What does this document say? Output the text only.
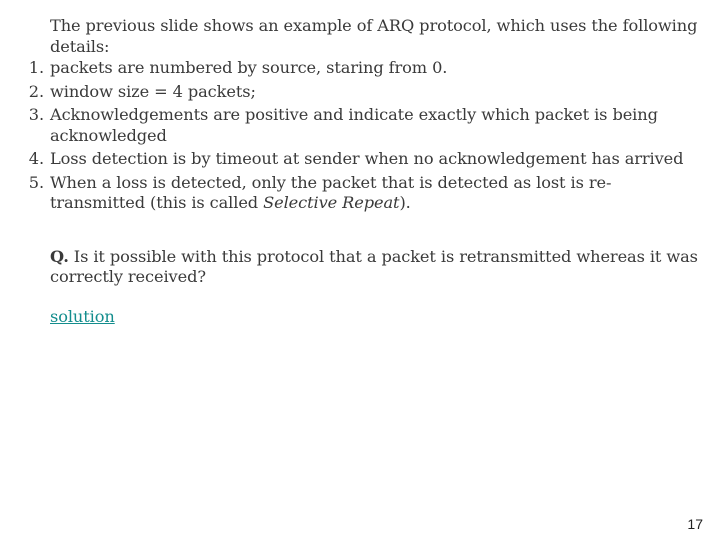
The previous slide shows an example of ARQ protocol, which uses the following details:

1. packets are numbered by source, staring from 0.
2. window size = 4 packets;
3. Acknowledgements are positive and indicate exactly which packet is being acknowledged
4. Loss detection is by timeout at sender when no acknowledgement has arrived
5. When a loss is detected, only the packet that is detected as lost is re-transmitted (this is called Selective Repeat).

Q. Is it possible with this protocol that a packet is retransmitted whereas it was correctly received?

solution
17
